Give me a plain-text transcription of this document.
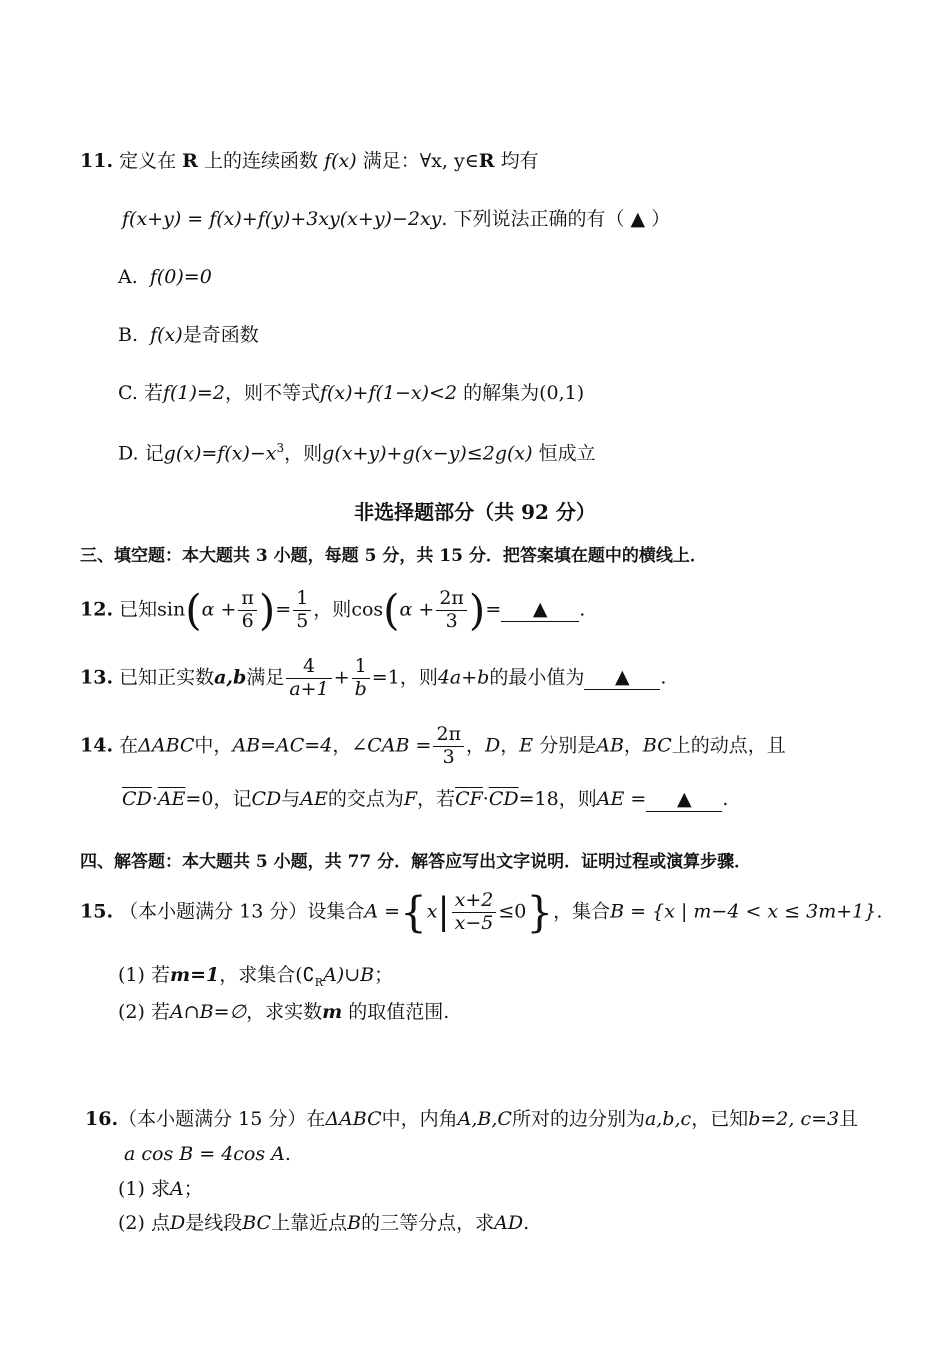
11. 定义在 R 上的连续函数 f(x) 满足：∀x, y∈R 均有
f(x+y) = f(x)+f(y)+3xy(x+y)−2xy. 下列说法正确的有（ ▲ ）
A. f(0)=0
B. f(x)是奇函数
C. 若f(1)=2，则不等式f(x)+f(1−x)<2 的解集为(0,1)
D. 记$g(x)=f(x)-x^3$，则g(x+y)+g(x−y)≤2g(x) 恒成立
非选择题部分（共 92 分）
三、填空题：本大题共 3 小题，每题 5 分，共 15 分．把答案填在题中的横线上．
12. 已知$\sin(\alpha + \frac{\pi}{6}$ )= $\frac{1}{5}$ ，则$\cos(\alpha + \frac{2\pi}{3}$ )= ▲ .
13. 已知正实数a,b满足 $\frac{4}{a+1} + \frac{1}{b} =1$，则4a+b的最小值为 ▲ .
14. 在ΔABC中，AB=AC=4，∠CAB = $\frac{2\pi}{3}$ ，D，E 分别是AB，BC上的动点，且
$\overline{CD}\cdot\overline{AE}=0$，记CD与AE的交点为F，若$\overline{CF}\cdot\overline{CD}=18$，则AE = ▲ .
四、解答题：本大题共 5 小题，共 77 分．解答应写出文字说明．证明过程或演算步骤．
15. （本小题满分 13 分）设集合$A =\{x| \frac{x+2}{x-5} \le 0\}$，集合B = {x | m−4 < x ≤ 3m+1}.
(1) 若m=1，求集合$(∁_RA)\cup B$；
(2) 若A∩B=∅，求实数m 的取值范围.
16.（本小题满分 15 分）在ΔABC中，内角A,B,C所对的边分别为a,b,c，已知b=2, c=3且
a cos B = 4cos A.
(1) 求A；
(2) 点D是线段BC上靠近点B的三等分点，求AD.
